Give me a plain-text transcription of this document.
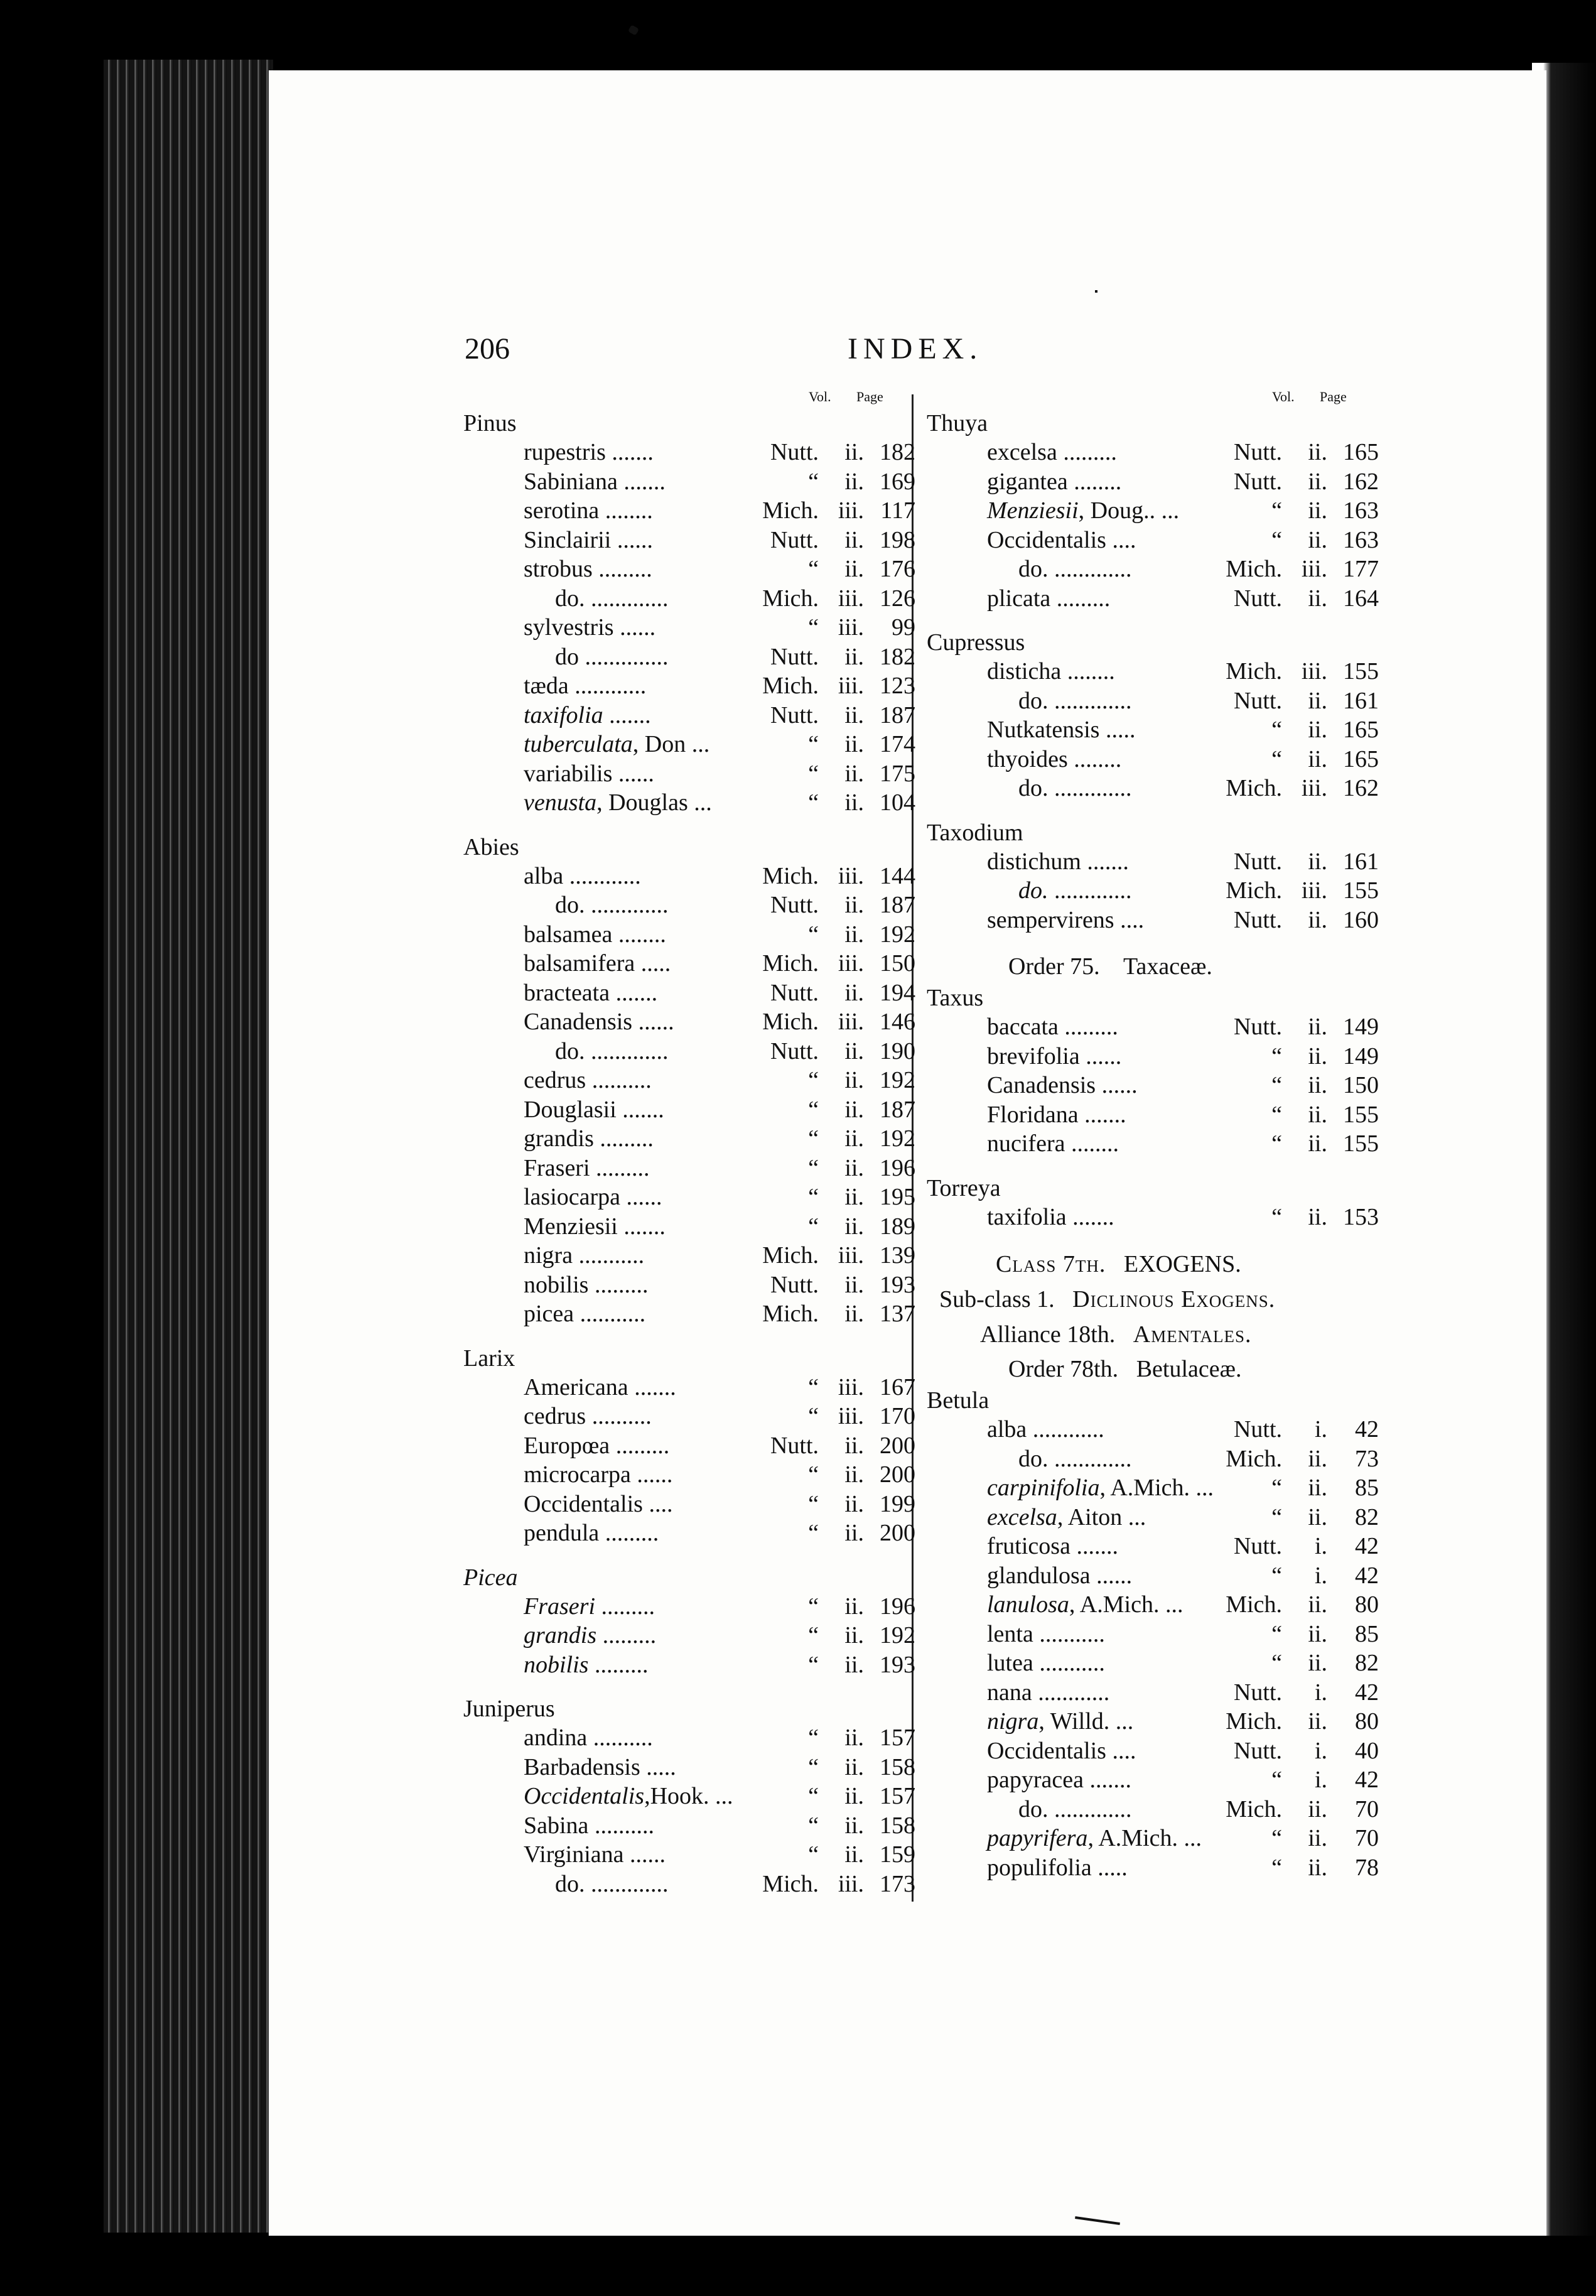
206	INDEX.
Vol. Page
Pinus
rupestris .......	Nutt.	ii. 182
Sabiniana .......	“	ii. 169
serotina ........	Mich. iii. 117
Sinclairii ......	Nutt.	ii. 198
strobus .........	“	ii. 176
do. .............	Mich. iii. 126
sylvestris ......	“ iii.	99
do ..............	Nutt.	ii. 182
tæda ............	Mich. iii. 123
taxifolia .......	Nutt.	ii. 187
tuberculata, Don ...	“	ii. 174
variabilis ......	“	ii. 175
venusta, Douglas ...	“	ii. 104
Abies
alba ............	Mich. iii. 144
do. .............	Nutt.	ii. 187
balsamea ........	“	ii. 192
balsamifera .....	Mich. iii. 150
bracteata .......	Nutt.	ii. 194
Canadensis ......	Mich. iii. 146
do. .............	Nutt.	ii. 190
cedrus ..........	“	ii. 192
Douglasii .......	“	ii. 187
grandis .........	“	ii. 192
Fraseri .........	“	ii. 196
lasiocarpa ......	“	ii. 195
Menziesii .......	“	ii. 189
nigra ...........	Mich. iii. 139
nobilis .........	Nutt.	ii. 193
picea ...........	Mich.	ii. 137
Larix
Americana .......	“ iii. 167
cedrus ..........	“ iii. 170
Europœa .........	Nutt.	ii. 200
microcarpa ......	“	ii. 200
Occidentalis ....	“	ii. 199
pendula .........	“	ii. 200
Picea
Fraseri .........	“	ii. 196
grandis .........	“	ii. 192
nobilis .........	“	ii. 193
Juniperus
andina ..........	“	ii. 157
Barbadensis .....	“	ii. 158
Occidentalis,Hook. ...	“	ii. 157
Sabina ..........	“	ii. 158
Virginiana ......	“	ii. 159
do. .............	Mich. iii. 173
Vol. Page
Thuya
excelsa .........	Nutt.	ii. 165
gigantea ........	Nutt.	ii. 162
Menziesii, Doug.. ...	“	ii. 163
Occidentalis ....	“	ii. 163
do. .............	Mich. iii. 177
plicata .........	Nutt.	ii. 164
Cupressus
disticha ........	Mich. iii. 155
do. .............	Nutt.	ii. 161
Nutkatensis .....	“	ii. 165
thyoides ........	“	ii. 165
do. .............	Mich. iii. 162
Taxodium
distichum .......	Nutt.	ii. 161
do. .............	Mich. iii. 155
sempervirens ....	Nutt.	ii. 160
Order 75. Taxaceæ.
Taxus
baccata .........	Nutt.	ii. 149
brevifolia ......	“	ii. 149
Canadensis ......	“	ii. 150
Floridana .......	“	ii. 155
nucifera ........	“	ii. 155
Torreya
taxifolia .......	“	ii. 153
Class 7th. EXOGENS.
Sub-class 1. Diclinous Exogens.
Alliance 18th. Amentales.
Order 78th. Betulaceæ.
Betula
alba ............	Nutt.	i.	42
do. .............	Mich.	ii.	73
carpinifolia, A.Mich. ...	“	ii.	85
excelsa, Aiton ...	“	ii.	82
fruticosa .......	Nutt.	i.	42
glandulosa ......	“	i.	42
lanulosa, A.Mich. ...	Mich.	ii.	80
lenta ...........	“	ii.	85
lutea ...........	“	ii.	82
nana ............	Nutt.	i.	42
nigra, Willd. ...	Mich.	ii.	80
Occidentalis ....	Nutt.	i.	40
papyracea .......	“	i.	42
do. .............	Mich.	ii.	70
papyrifera, A.Mich. ...	“	ii.	70
populifolia .....	“	ii.	78
